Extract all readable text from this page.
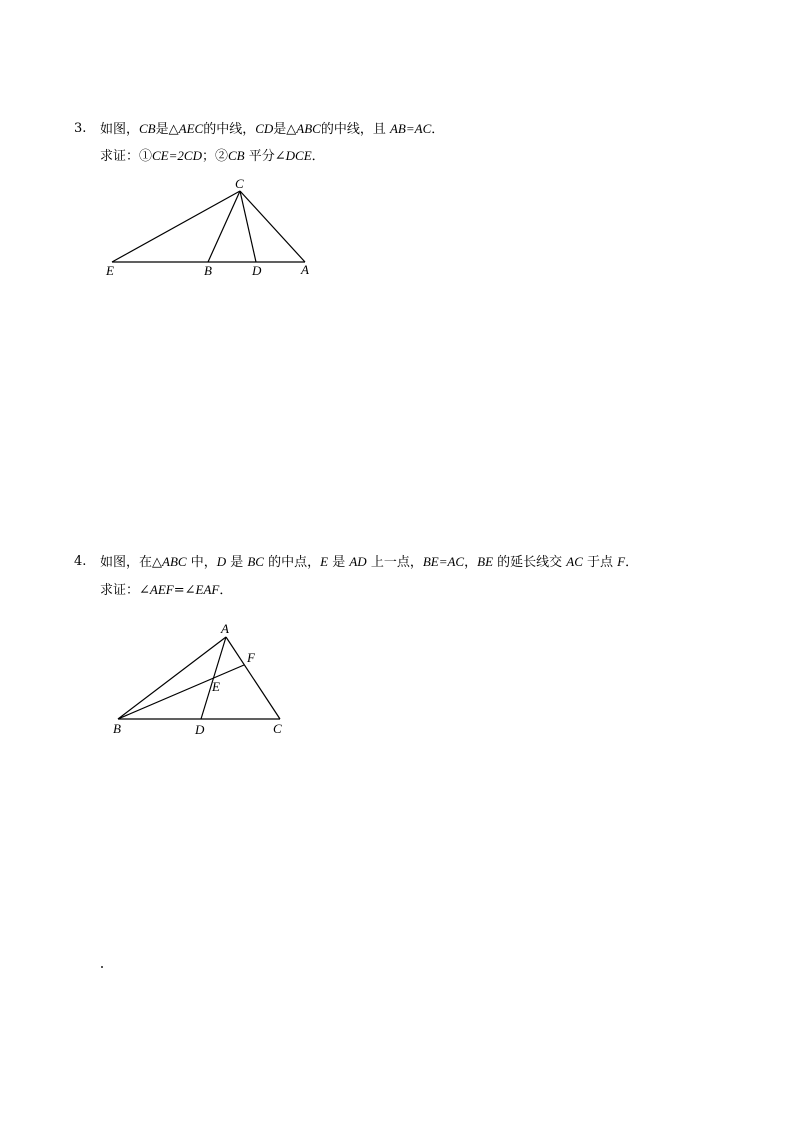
3. 如图，CB是△AEC的中线，CD是△ABC的中线，且 AB=AC．
求证：①CE=2CD；②CB 平分∠DCE．
C
E	B	D	A
4. 如图，在△ABC 中，D 是 BC 的中点，E 是 AD 上一点，BE=AC，BE 的延长线交 AC 于点 F．
求证：∠AEF=∠EAF．
A
F
E
B	D	C
